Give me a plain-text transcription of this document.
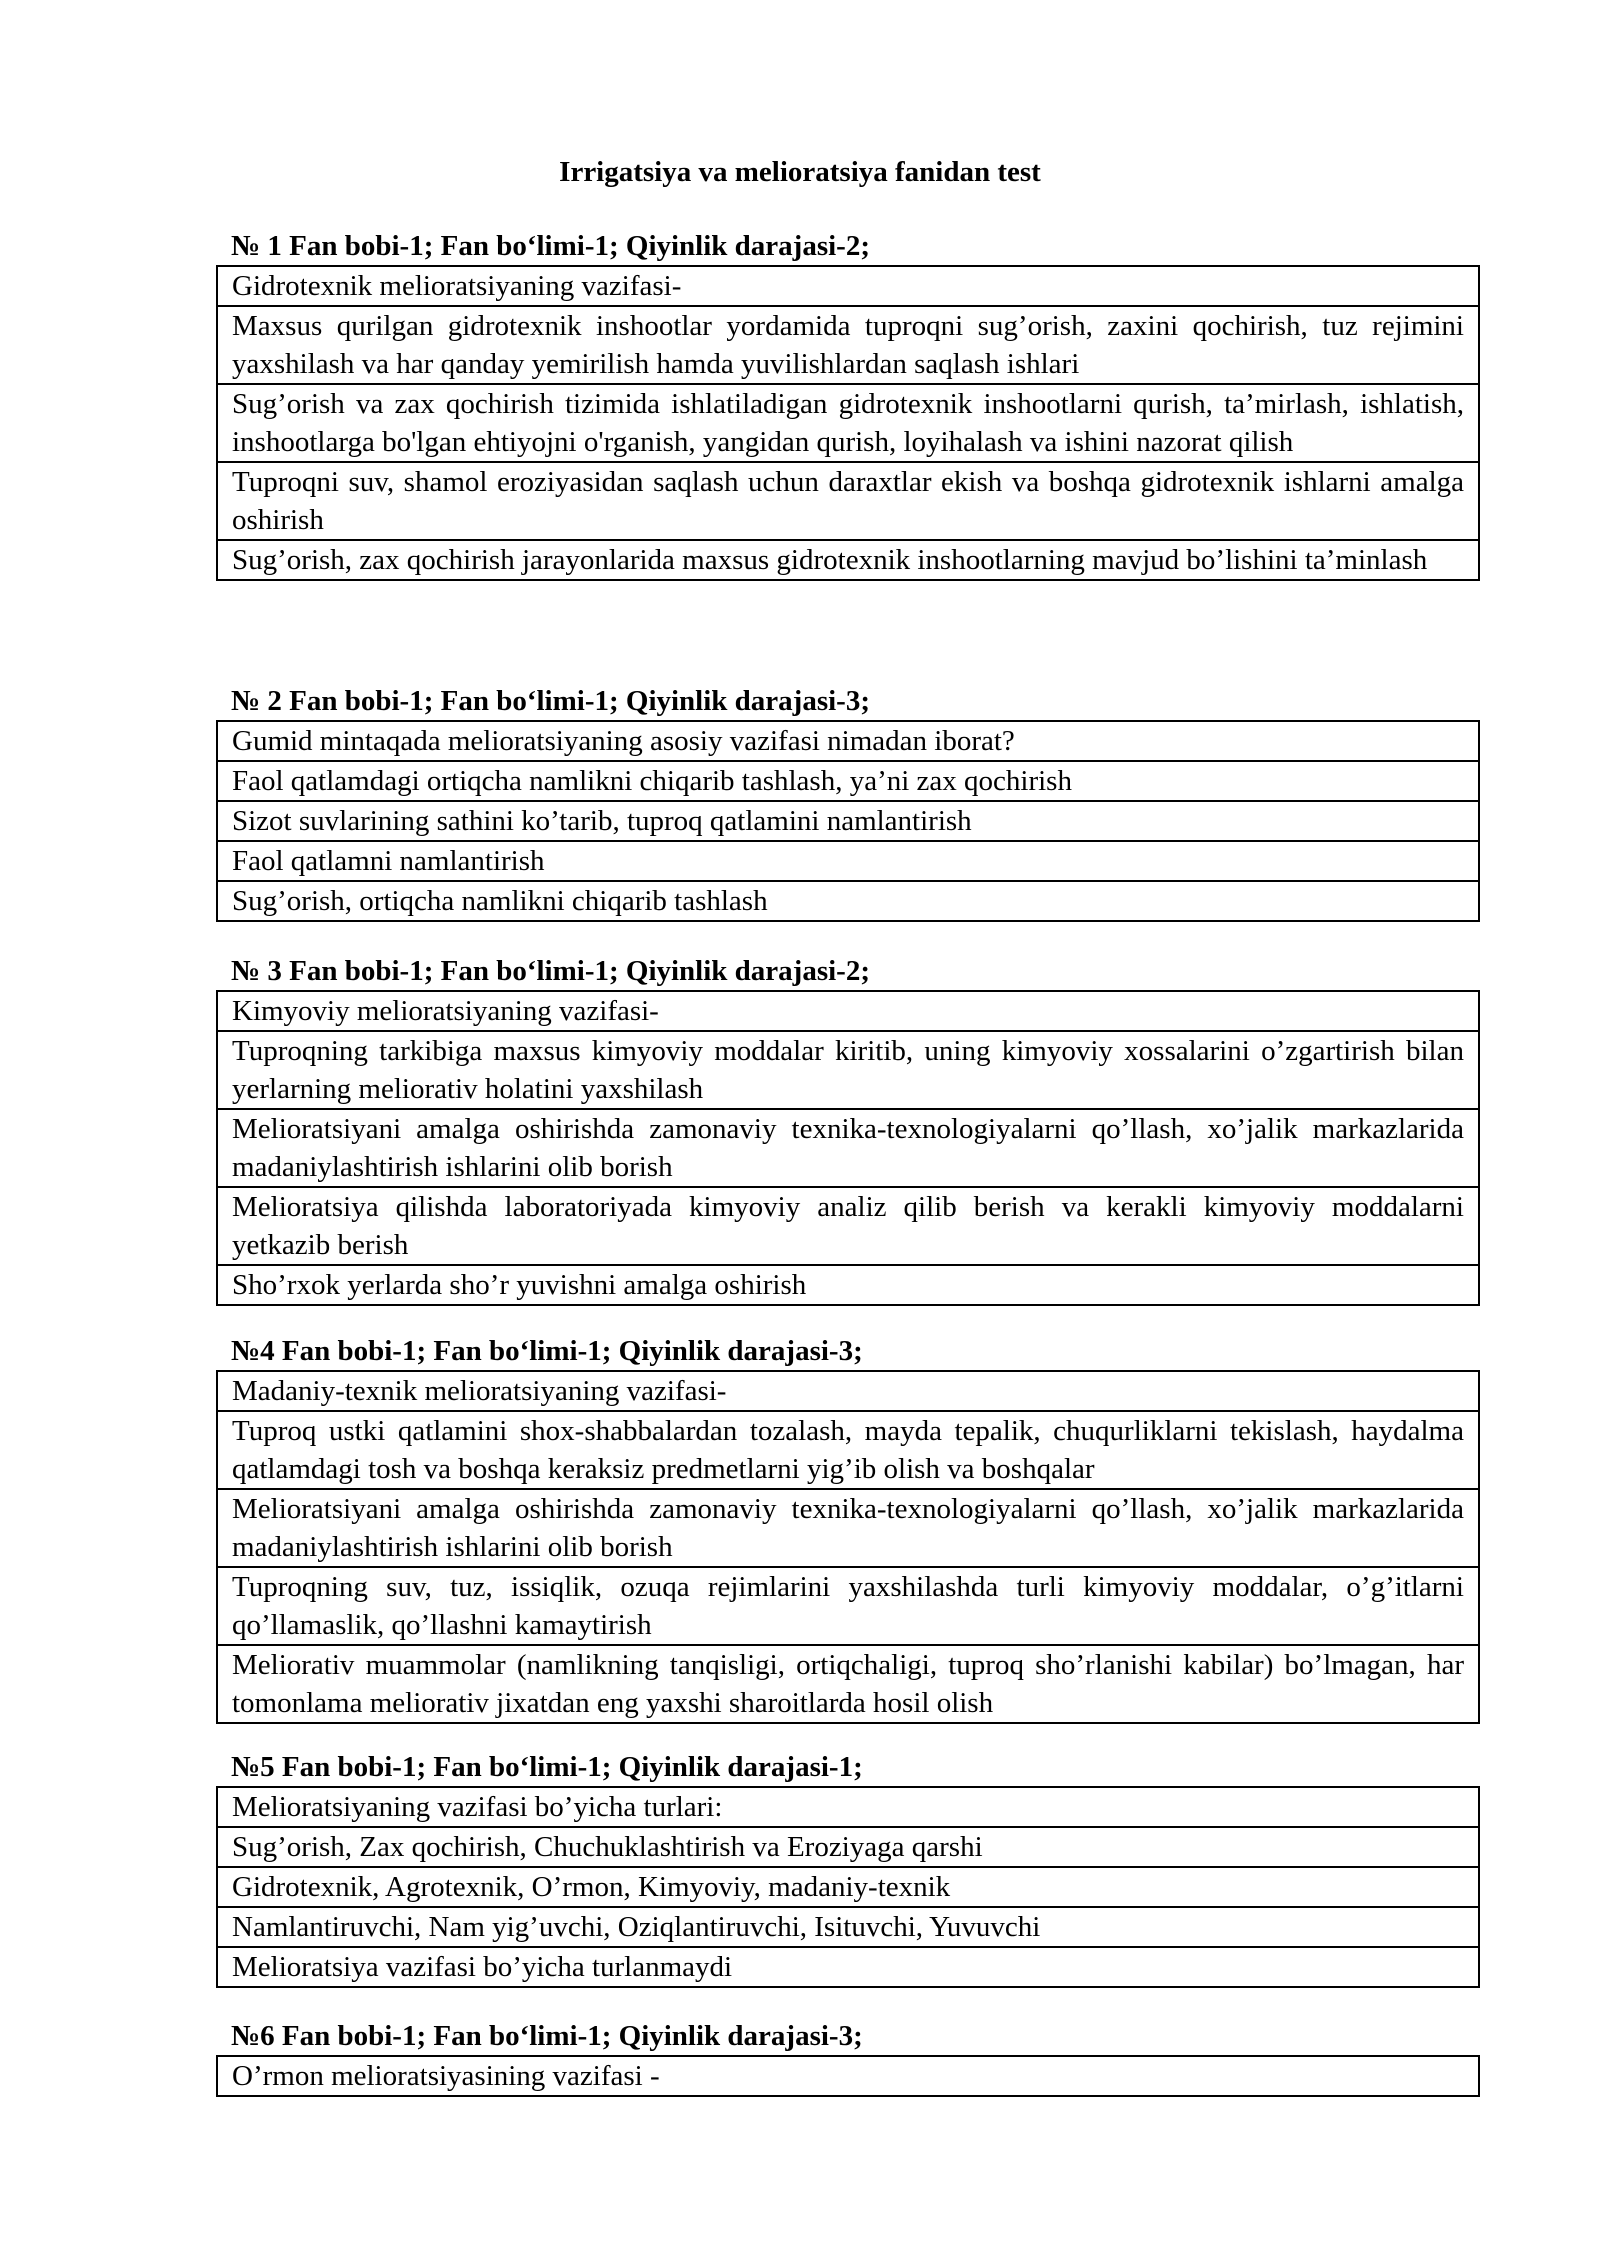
Irrigatsiya va melioratsiya fanidan test
№ 1 Fan bobi-1; Fan bo‘limi-1; Qiyinlik darajasi-2;
Gidrotexnik melioratsiyaning vazifasi-
Maxsus qurilgan gidrotexnik inshootlar yordamida tuproqni sug’orish, zaxini qochirish, tuz rejimini yaxshilash va har qanday yemirilish hamda yuvilishlardan saqlash ishlari
Sug’orish va zax qochirish tizimida ishlatiladigan gidrotexnik inshootlarni qurish, ta’mirlash, ishlatish, inshootlarga bo'lgan ehtiyojni o'rganish, yangidan qurish, loyihalash va ishini nazorat qilish
Tuproqni suv, shamol eroziyasidan saqlash uchun daraxtlar ekish va boshqa gidrotexnik ishlarni amalga oshirish
Sug’orish, zax qochirish jarayonlarida maxsus gidrotexnik inshootlarning mavjud bo’lishini ta’minlash
№ 2 Fan bobi-1; Fan bo‘limi-1; Qiyinlik darajasi-3;
Gumid mintaqada melioratsiyaning asosiy vazifasi nimadan iborat?
Faol qatlamdagi ortiqcha namlikni chiqarib tashlash, ya’ni zax qochirish
Sizot suvlarining sathini ko’tarib, tuproq qatlamini namlantirish
Faol qatlamni namlantirish
Sug’orish, ortiqcha namlikni chiqarib tashlash
№ 3 Fan bobi-1; Fan bo‘limi-1; Qiyinlik darajasi-2;
Kimyoviy melioratsiyaning vazifasi-
Tuproqning tarkibiga maxsus kimyoviy moddalar kiritib, uning kimyoviy xossalarini o’zgartirish bilan yerlarning meliorativ holatini yaxshilash
Melioratsiyani amalga oshirishda zamonaviy texnika-texnologiyalarni qo’llash, xo’jalik markazlarida madaniylashtirish ishlarini olib borish
Melioratsiya qilishda laboratoriyada kimyoviy analiz qilib berish va kerakli kimyoviy moddalarni yetkazib berish
Sho’rxok yerlarda sho’r yuvishni amalga oshirish
№4 Fan bobi-1; Fan bo‘limi-1; Qiyinlik darajasi-3;
Madaniy-texnik melioratsiyaning vazifasi-
Tuproq ustki qatlamini shox-shabbalardan tozalash, mayda tepalik, chuqurliklarni tekislash, haydalma qatlamdagi tosh va boshqa keraksiz predmetlarni yig’ib olish va boshqalar
Melioratsiyani amalga oshirishda zamonaviy texnika-texnologiyalarni qo’llash, xo’jalik markazlarida madaniylashtirish ishlarini olib borish
Tuproqning suv, tuz, issiqlik, ozuqa rejimlarini yaxshilashda turli kimyoviy moddalar, o’g’itlarni qo’llamaslik, qo’llashni kamaytirish
Meliorativ muammolar (namlikning tanqisligi, ortiqchaligi, tuproq sho’rlanishi kabilar) bo’lmagan, har tomonlama meliorativ jixatdan eng yaxshi sharoitlarda hosil olish
№5 Fan bobi-1; Fan bo‘limi-1; Qiyinlik darajasi-1;
Melioratsiyaning vazifasi bo’yicha turlari:
Sug’orish, Zax qochirish, Chuchuklashtirish va Eroziyaga qarshi
Gidrotexnik, Agrotexnik, O’rmon, Kimyoviy, madaniy-texnik
Namlantiruvchi, Nam yig’uvchi, Oziqlantiruvchi, Isituvchi, Yuvuvchi
Melioratsiya vazifasi bo’yicha turlanmaydi
№6 Fan bobi-1; Fan bo‘limi-1; Qiyinlik darajasi-3;
O’rmon melioratsiyasining vazifasi -
